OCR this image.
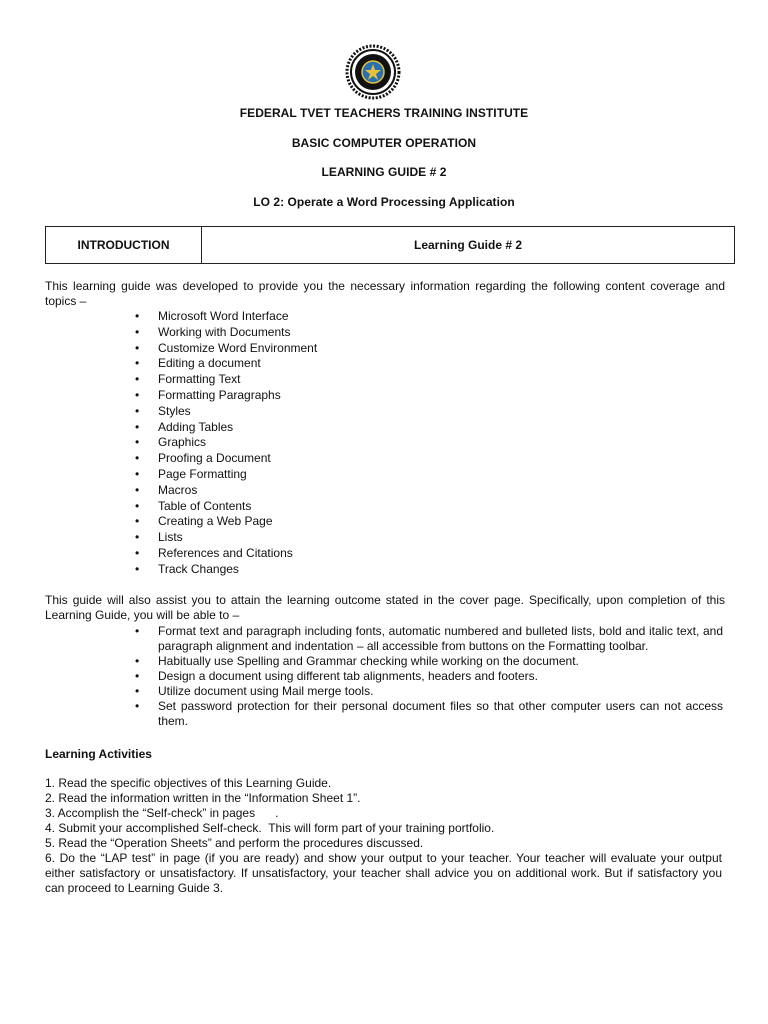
FEDERAL TVET TEACHERS TRAINING INSTITUTE
BASIC COMPUTER OPERATION
LEARNING GUIDE # 2
LO 2: Operate a Word Processing Application
INTRODUCTION	Learning Guide # 2
This learning guide was developed to provide you the necessary information regarding the following content coverage and topics –
• Microsoft Word Interface
• Working with Documents
• Customize Word Environment
• Editing a document
• Formatting Text
• Formatting Paragraphs
• Styles
• Adding Tables
• Graphics
• Proofing a Document
• Page Formatting
• Macros
• Table of Contents
• Creating a Web Page
• Lists
• References and Citations
• Track Changes
This guide will also assist you to attain the learning outcome stated in the cover page. Specifically, upon completion of this Learning Guide, you will be able to –
• Format text and paragraph including fonts, automatic numbered and bulleted lists, bold and italic text, and paragraph alignment and indentation – all accessible from buttons on the Formatting toolbar.
• Habitually use Spelling and Grammar checking while working on the document.
• Design a document using different tab alignments, headers and footers.
• Utilize document using Mail merge tools.
• Set password protection for their personal document files so that other computer users can not access them.
Learning Activities
1. Read the specific objectives of this Learning Guide.
2. Read the information written in the “Information Sheet 1”.
3. Accomplish the “Self-check” in pages      .
4. Submit your accomplished Self-check.  This will form part of your training portfolio.
5. Read the “Operation Sheets” and perform the procedures discussed.
6. Do the “LAP test” in page (if you are ready) and show your output to your teacher. Your teacher will evaluate your output either satisfactory or unsatisfactory. If unsatisfactory, your teacher shall advice you on additional work. But if satisfactory you can proceed to Learning Guide 3.
